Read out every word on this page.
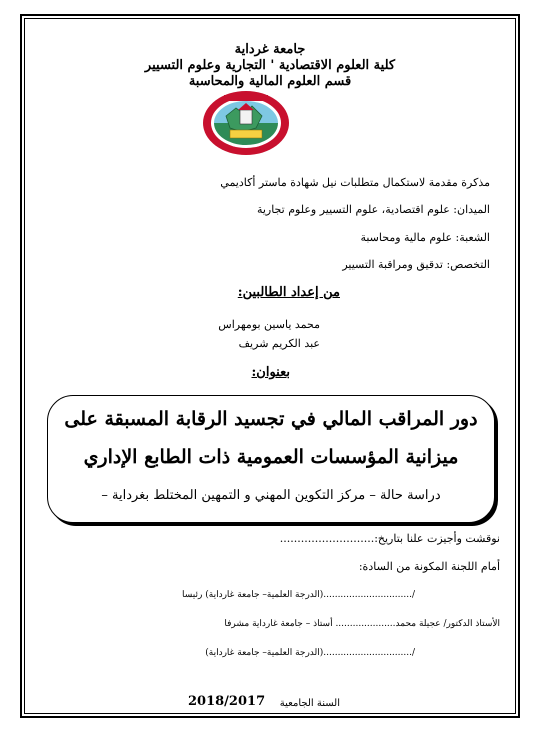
جامعة غرداية
كلية العلوم الاقتصادية ' التجارية وعلوم التسيير
قسم العلوم المالية والمحاسبة
مذكرة مقدمة لاستكمال متطلبات نيل شهادة ماستر أكاديمي
الميدان: علوم اقتصادية، علوم التسيير وعلوم تجارية
الشعبة: علوم مالية ومحاسبة
التخصص: تدقيق ومراقبة التسيير
من إعداد الطالبين:
محمد ياسين بومهراس
عبد الكريم شريف
بعنوان:
دور المراقب المالي في تجسيد الرقابة المسبقة على
ميزانية المؤسسات العمومية ذات الطابع الإداري
دراسة حالة – مركز التكوين المهني و التمهين المختلط بغرداية –
نوقشت وأجيزت علنا بتاريخ:...........................
أمام اللجنة المكونة من السادة:
/...............................(الدرجة العلمية– جامعة غارداية) رئيسا
الأستاذ الدكتور/ عجيلة محمد..................... أستاذ – جامعة غارداية مشرفا
/...............................(الدرجة العلمية– جامعة غارداية)
السنة الجامعية
2018/2017
